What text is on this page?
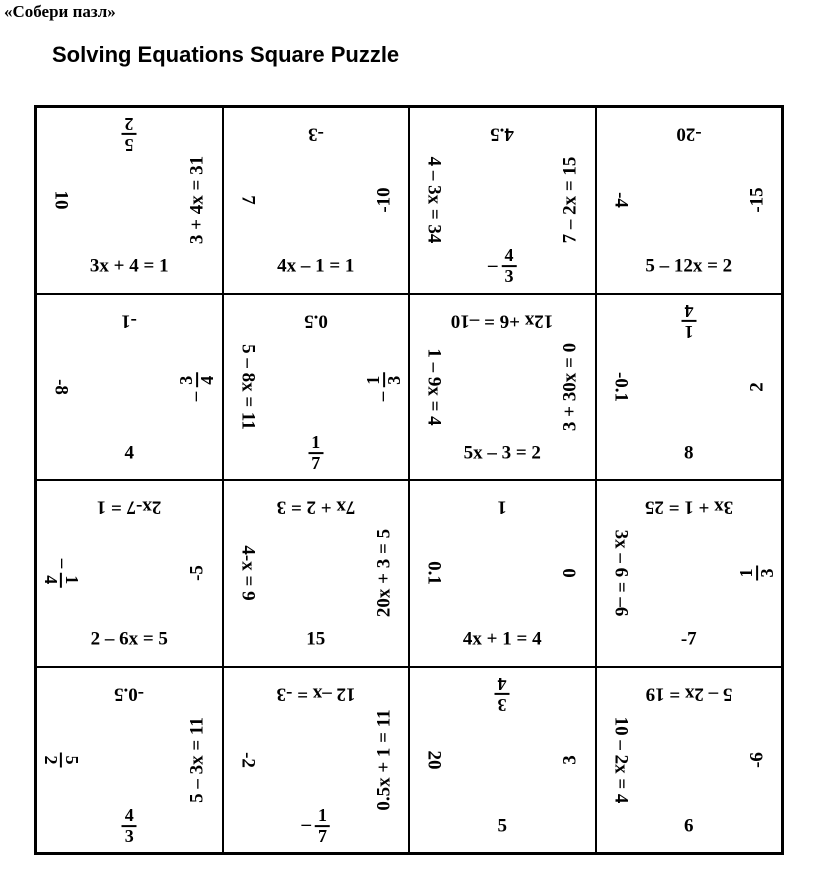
«Собери пазл»
Solving Equations Square Puzzle
3x + 4 = 1
5
2
10	3 + 4x = 31
4x – 1 = 1
-3
7	-10
– $\frac{4}{3}$
4.5
4 – 3x = 34	7 – 2x = 15
5 – 12x = 2
-20
-4	-15
4
-1
-8
–
3 4
$\frac{1}{7}$
0.5
5 – 8x = 11	–
1 3
5x – 3 = 2
12x +6 = –10
1 – 9x = 4	3 + 30x = 0
8
1
4
-0.1	2
2 – 6x = 5
2x-7 = 1
–
1
4	-5
15
7x + 2 = 3
4-x = 9	20x + 3 = 5
4x + 1 = 4
1
0.1	0
-7
3x + 1 = 25
3x – 6 = –6	1 3
$\frac{4}{3}$
-0.5
5
2	5 – 3x = 11
– $\frac{1}{7}$
12 –x = -3
-2	0.5x + 1 = 11
5
3
4
20	3
6
5 – 2x = 19
10 – 2x = 4	-6
